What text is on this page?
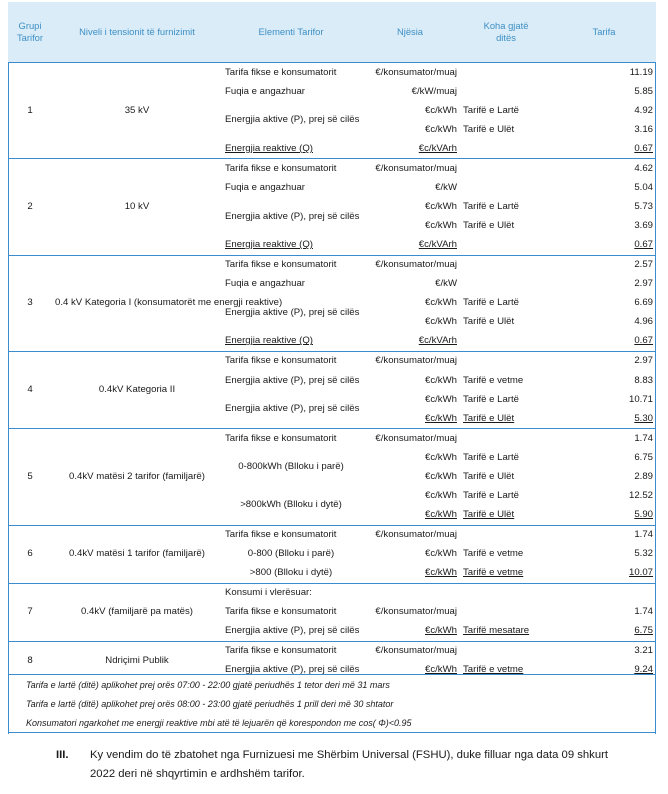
Grupi
Tarifor	Niveli i tensionit të furnizimit	Elementi Tarifor	Njësia	Koha gjatë
ditës	Tarifa
1	35 kV	Tarifa fikse e konsumatorit	€/konsumator/muaj		11.19
		Fuqia e angazhuar	€/kW/muaj		5.85
		Energjia aktive (P), prej së cilës	€c/kWh	Tarifë e Lartë	4.92
			€c/kWh	Tarifë e Ulët	3.16
		Energjia reaktive (Q)	€c/kVArh		0.67
2	10 kV	Tarifa fikse e konsumatorit	€/konsumator/muaj		4.62
		Fuqia e angazhuar	€/kW		5.04
		Energjia aktive (P), prej së cilës	€c/kWh	Tarifë e Lartë	5.73
			€c/kWh	Tarifë e Ulët	3.69
		Energjia reaktive (Q)	€c/kVArh		0.67
3	0.4 kV Kategoria I (konsumatorët me energji reaktive)	Tarifa fikse e konsumatorit	€/konsumator/muaj		2.57
		Fuqia e angazhuar	€/kW		2.97
		Energjia aktive (P), prej së cilës	€c/kWh	Tarifë e Lartë	6.69
			€c/kWh	Tarifë e Ulët	4.96
		Energjia reaktive (Q)	€c/kVArh		0.67
4	0.4kV Kategoria II	Tarifa fikse e konsumatorit	€/konsumator/muaj		2.97
		Energjia aktive (P), prej së cilës	€c/kWh	Tarifë e vetme	8.83
		Energjia aktive (P), prej së cilës	€c/kWh	Tarifë e Lartë	10.71
			€c/kWh	Tarifë e Ulët	5.30
5	0.4kV matësi 2 tarifor (familjarë)	Tarifa fikse e konsumatorit	€/konsumator/muaj		1.74
		0-800kWh (Blloku i parë)	€c/kWh	Tarifë e Lartë	6.75
			€c/kWh	Tarifë e Ulët	2.89
		>800kWh (Blloku i dytë)	€c/kWh	Tarifë e Lartë	12.52
			€c/kWh	Tarifë e Ulët	5.90
6	0.4kV matësi 1 tarifor (familjarë)	Tarifa fikse e konsumatorit	€/konsumator/muaj		1.74
		0-800 (Blloku i parë)	€c/kWh	Tarifë e vetme	5.32
		>800 (Blloku i dytë)	€c/kWh	Tarifë e vetme	10.07
7	0.4kV (familjarë pa matës)	Konsumi i vlerësuar:			
		Tarifa fikse e konsumatorit	€/konsumator/muaj		1.74
		Energjia aktive (P), prej së cilës	€c/kWh	Tarifë mesatare	6.75
8	Ndriçimi Publik	Tarifa fikse e konsumatorit	€/konsumator/muaj		3.21
		Energjia aktive (P), prej së cilës	€c/kWh	Tarifë e vetme	9.24
Tarifa e lartë (ditë) aplikohet prej orës 07:00 - 22:00 gjatë periudhës 1 tetor deri më 31 mars
Tarifa e lartë (ditë) aplikohet prej orës 08:00 - 23:00 gjatë periudhës 1 prill deri më 30 shtator
Konsumatori ngarkohet me energji reaktive mbi atë të lejuarën që korespondon me cos( Φ)<0.95
III. Ky vendim do të zbatohet nga Furnizuesi me Shërbim Universal (FSHU), duke filluar nga data 09 shkurt 2022 deri në shqyrtimin e ardhshëm tarifor.
